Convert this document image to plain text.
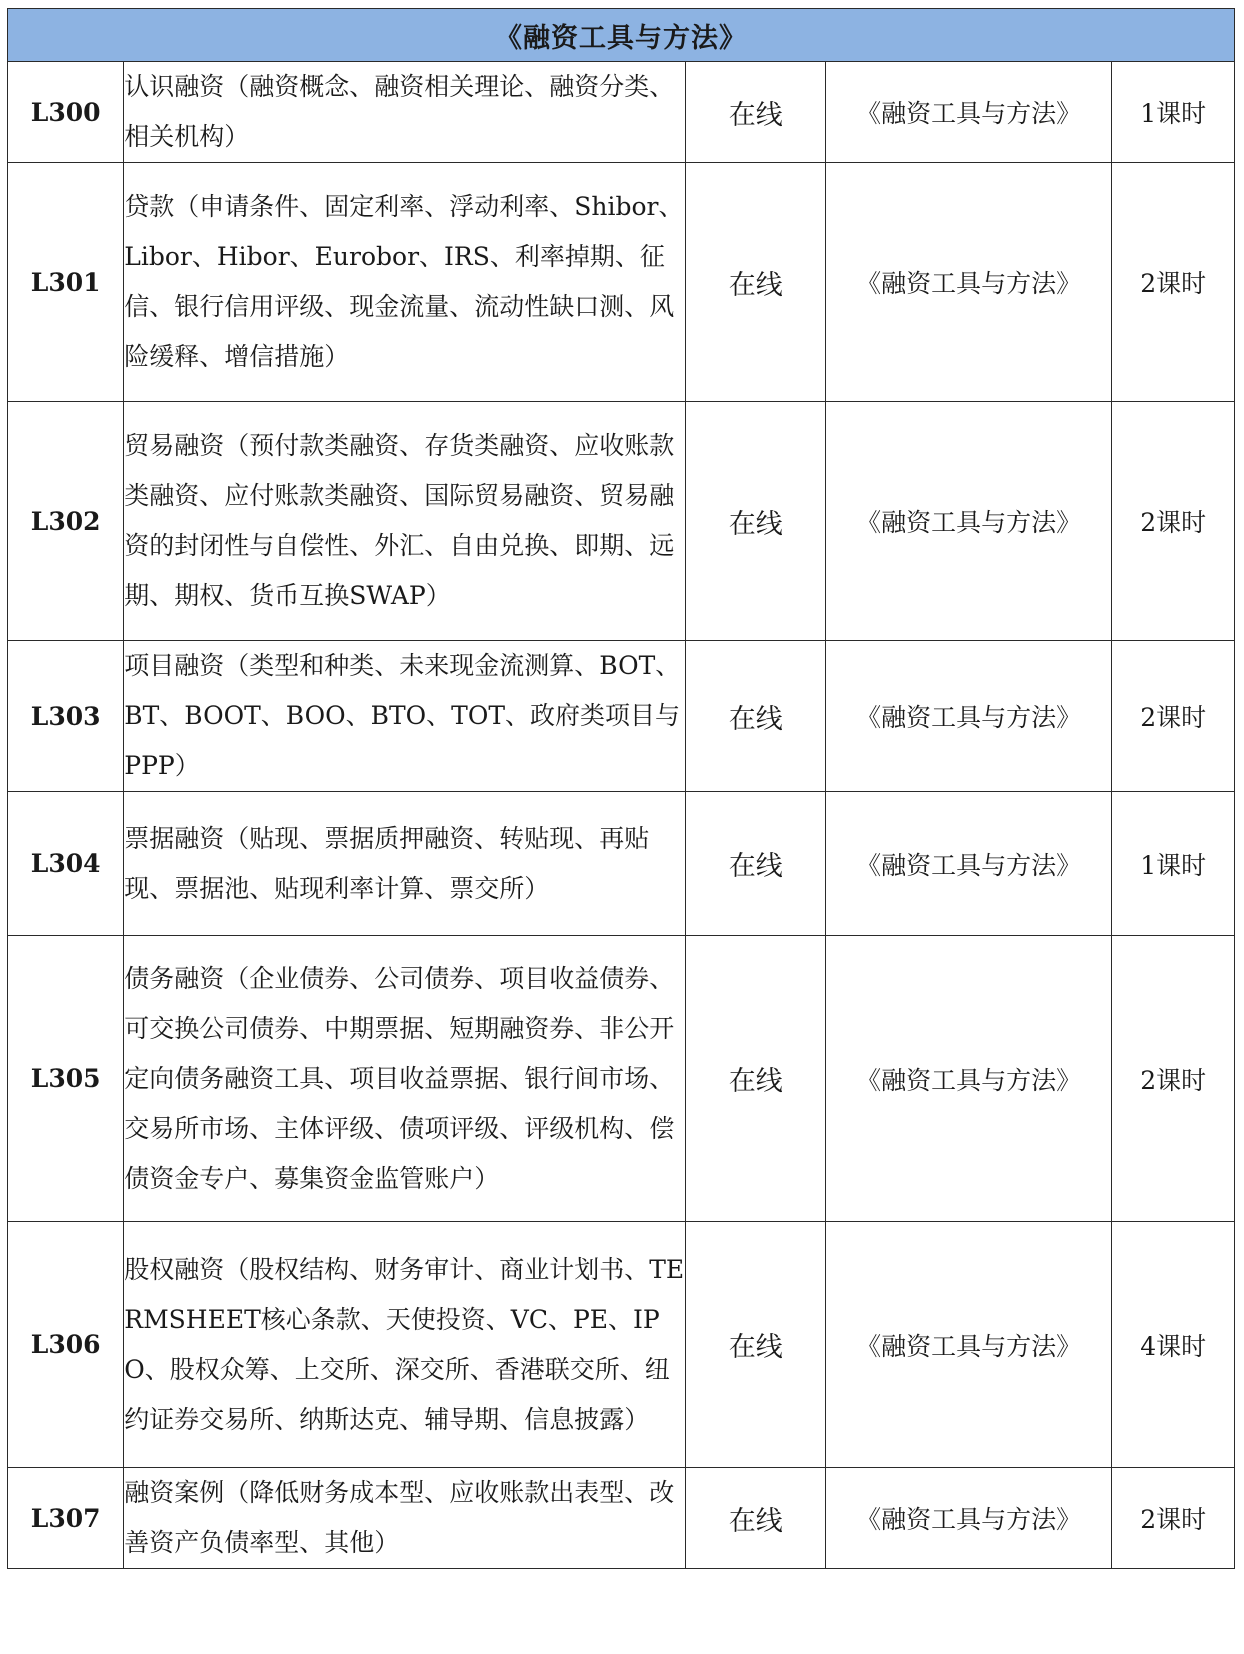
《融资工具与方法》				
L300	认识融资（融资概念、融资相关理论、融资分类、相关机构）	在线	《融资工具与方法》	1课时
L301	贷款（申请条件、固定利率、浮动利率、Shibor、Libor、Hibor、Eurobor、IRS、利率掉期、征信、银行信用评级、现金流量、流动性缺口测、风险缓释、增信措施）	在线	《融资工具与方法》	2课时
L302	贸易融资（预付款类融资、存货类融资、应收账款类融资、应付账款类融资、国际贸易融资、贸易融资的封闭性与自偿性、外汇、自由兑换、即期、远期、期权、货币互换SWAP）	在线	《融资工具与方法》	2课时
L303	项目融资（类型和种类、未来现金流测算、BOT、BT、BOOT、BOO、BTO、TOT、政府类项目与PPP）	在线	《融资工具与方法》	2课时
L304	票据融资（贴现、票据质押融资、转贴现、再贴现、票据池、贴现利率计算、票交所）	在线	《融资工具与方法》	1课时
L305	债务融资（企业债券、公司债券、项目收益债券、可交换公司债券、中期票据、短期融资券、非公开定向债务融资工具、项目收益票据、银行间市场、交易所市场、主体评级、债项评级、评级机构、偿债资金专户、募集资金监管账户）	在线	《融资工具与方法》	2课时
L306	股权融资（股权结构、财务审计、商业计划书、TERMSHEET核心条款、天使投资、VC、PE、IPO、股权众筹、上交所、深交所、香港联交所、纽约证券交易所、纳斯达克、辅导期、信息披露）	在线	《融资工具与方法》	4课时
L307	融资案例（降低财务成本型、应收账款出表型、改善资产负债率型、其他）	在线	《融资工具与方法》	2课时
